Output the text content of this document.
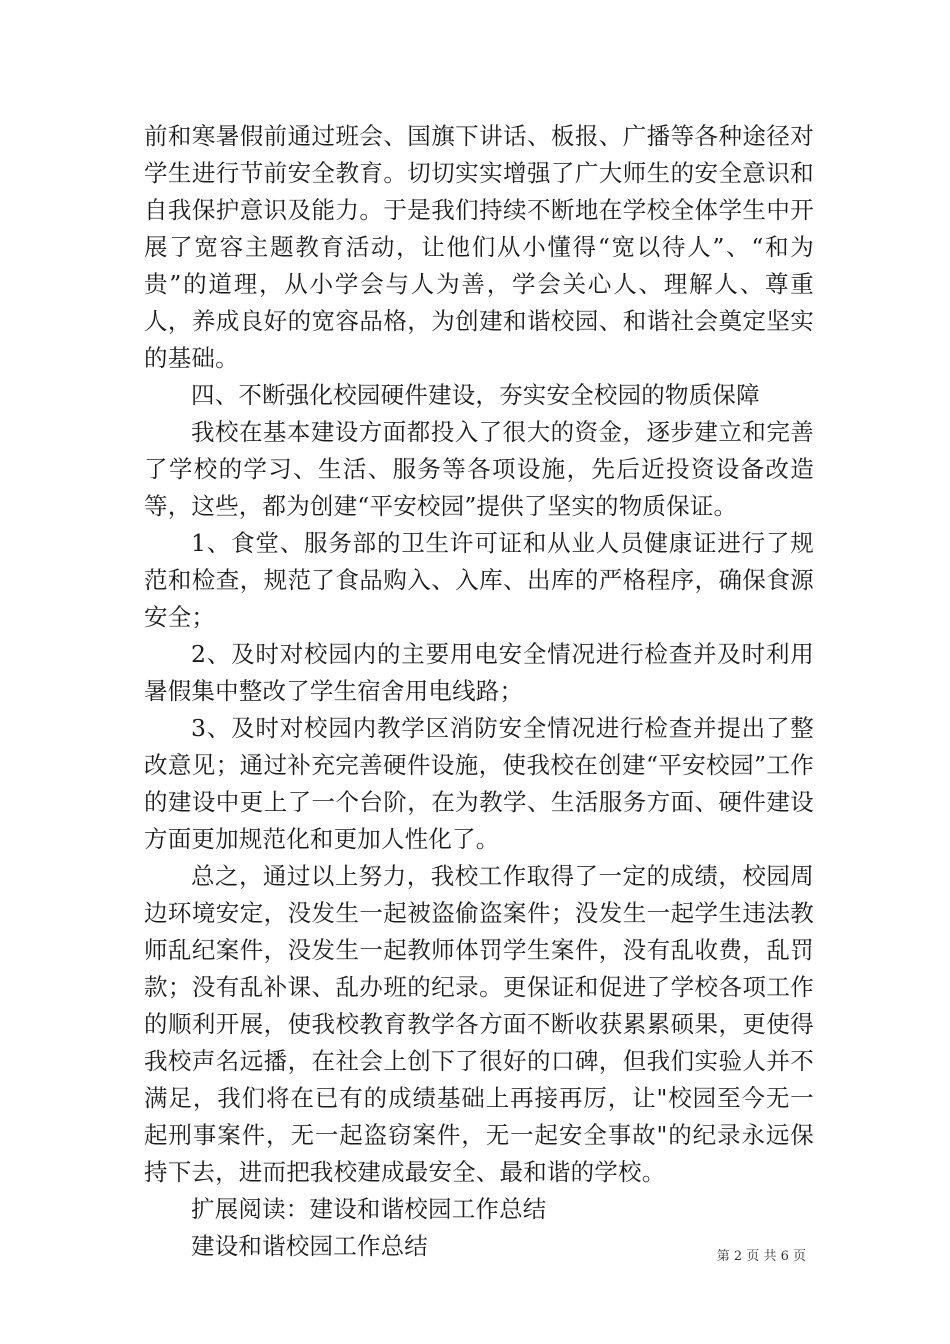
前和寒暑假前通过班会、国旗下讲话、板报、广播等各种途径对学生进行节前安全教育。切切实实增强了广大师生的安全意识和自我保护意识及能力。于是我们持续不断地在学校全体学生中开展了宽容主题教育活动，让他们从小懂得“宽以待人”、“和为贵”的道理，从小学会与人为善，学会关心人、理解人、尊重人，养成良好的宽容品格，为创建和谐校园、和谐社会奠定坚实的基础。

四、不断强化校园硬件建设，夯实安全校园的物质保障

我校在基本建设方面都投入了很大的资金，逐步建立和完善了学校的学习、生活、服务等各项设施，先后近投资设备改造等，这些，都为创建“平安校园”提供了坚实的物质保证。

1、食堂、服务部的卫生许可证和从业人员健康证进行了规范和检查，规范了食品购入、入库、出库的严格程序，确保食源安全；

2、及时对校园内的主要用电安全情况进行检查并及时利用暑假集中整改了学生宿舍用电线路；

3、及时对校园内教学区消防安全情况进行检查并提出了整改意见；通过补充完善硬件设施，使我校在创建“平安校园”工作的建设中更上了一个台阶，在为教学、生活服务方面、硬件建设方面更加规范化和更加人性化了。

总之，通过以上努力，我校工作取得了一定的成绩，校园周边环境安定，没发生一起被盗偷盗案件；没发生一起学生违法教师乱纪案件，没发生一起教师体罚学生案件，没有乱收费，乱罚款；没有乱补课、乱办班的纪录。更保证和促进了学校各项工作的顺利开展，使我校教育教学各方面不断收获累累硕果，更使得我校声名远播，在社会上创下了很好的口碑，但我们实验人并不满足，我们将在已有的成绩基础上再接再厉，让"校园至今无一起刑事案件，无一起盗窃案件，无一起安全事故"的纪录永远保持下去，进而把我校建成最安全、最和谐的学校。

扩展阅读：建设和谐校园工作总结

建设和谐校园工作总结	第 2 页 共 6 页
